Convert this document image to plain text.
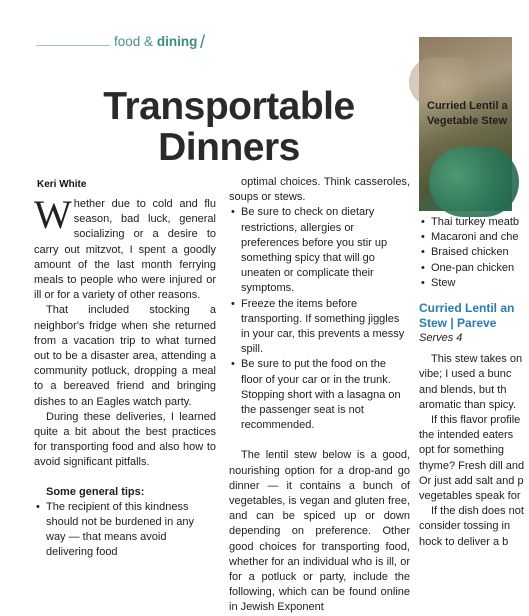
food & dining /
Transportable
Dinners
Keri White

Whether due to cold and flu season, bad luck, general socializing or a desire to carry out mitzvot, I spent a goodly amount of the last month ferrying meals to people who were injured or ill or for a variety of other reasons.

That included stocking a neighbor's fridge when she returned from a vacation trip to what turned out to be a disaster area, attending a community potluck, dropping a meal to a bereaved friend and bringing dishes to an Eagles watch party.

During these deliveries, I learned quite a bit about the best practices for transporting food and also how to avoid significant pitfalls.

Some general tips:

• The recipient of this kindness should not be burdened in any way — that means avoid delivering food

optimal choices. Think casseroles, soups or stews.

• Be sure to check on dietary restrictions, allergies or preferences before you stir up something spicy that will go uneaten or complicate their symptoms.
• Freeze the items before transporting. If something jiggles in your car, this prevents a messy spill.
• Be sure to put the food on the floor of your car or in the trunk. Stopping short with a lasagna on the passenger seat is not recommended.

The lentil stew below is a good, nourishing option for a drop-and go dinner — it contains a bunch of vegetables, is vegan and gluten free, and can be spiced up or down depending on preference. Other good choices for transporting food, whether for an individual who is ill, or for a potluck or party, include the following, which can be found online in Jewish Exponent

Curried Lentil a
Vegetable Stew
• Thai turkey meatb
• Macaroni and che
• Braised chicken
• One-pan chicken
• Stew
Curried Lentil an
Stew | Pareve
Serves 4
This stew takes on
vibe; I used a bunc
and blends, but th
aromatic than spicy.
If this flavor profile
the intended eaters
opt for something
thyme? Fresh dill and
Or just add salt and p
vegetables speak for
If the dish does not
consider tossing in
hock to deliver a b
